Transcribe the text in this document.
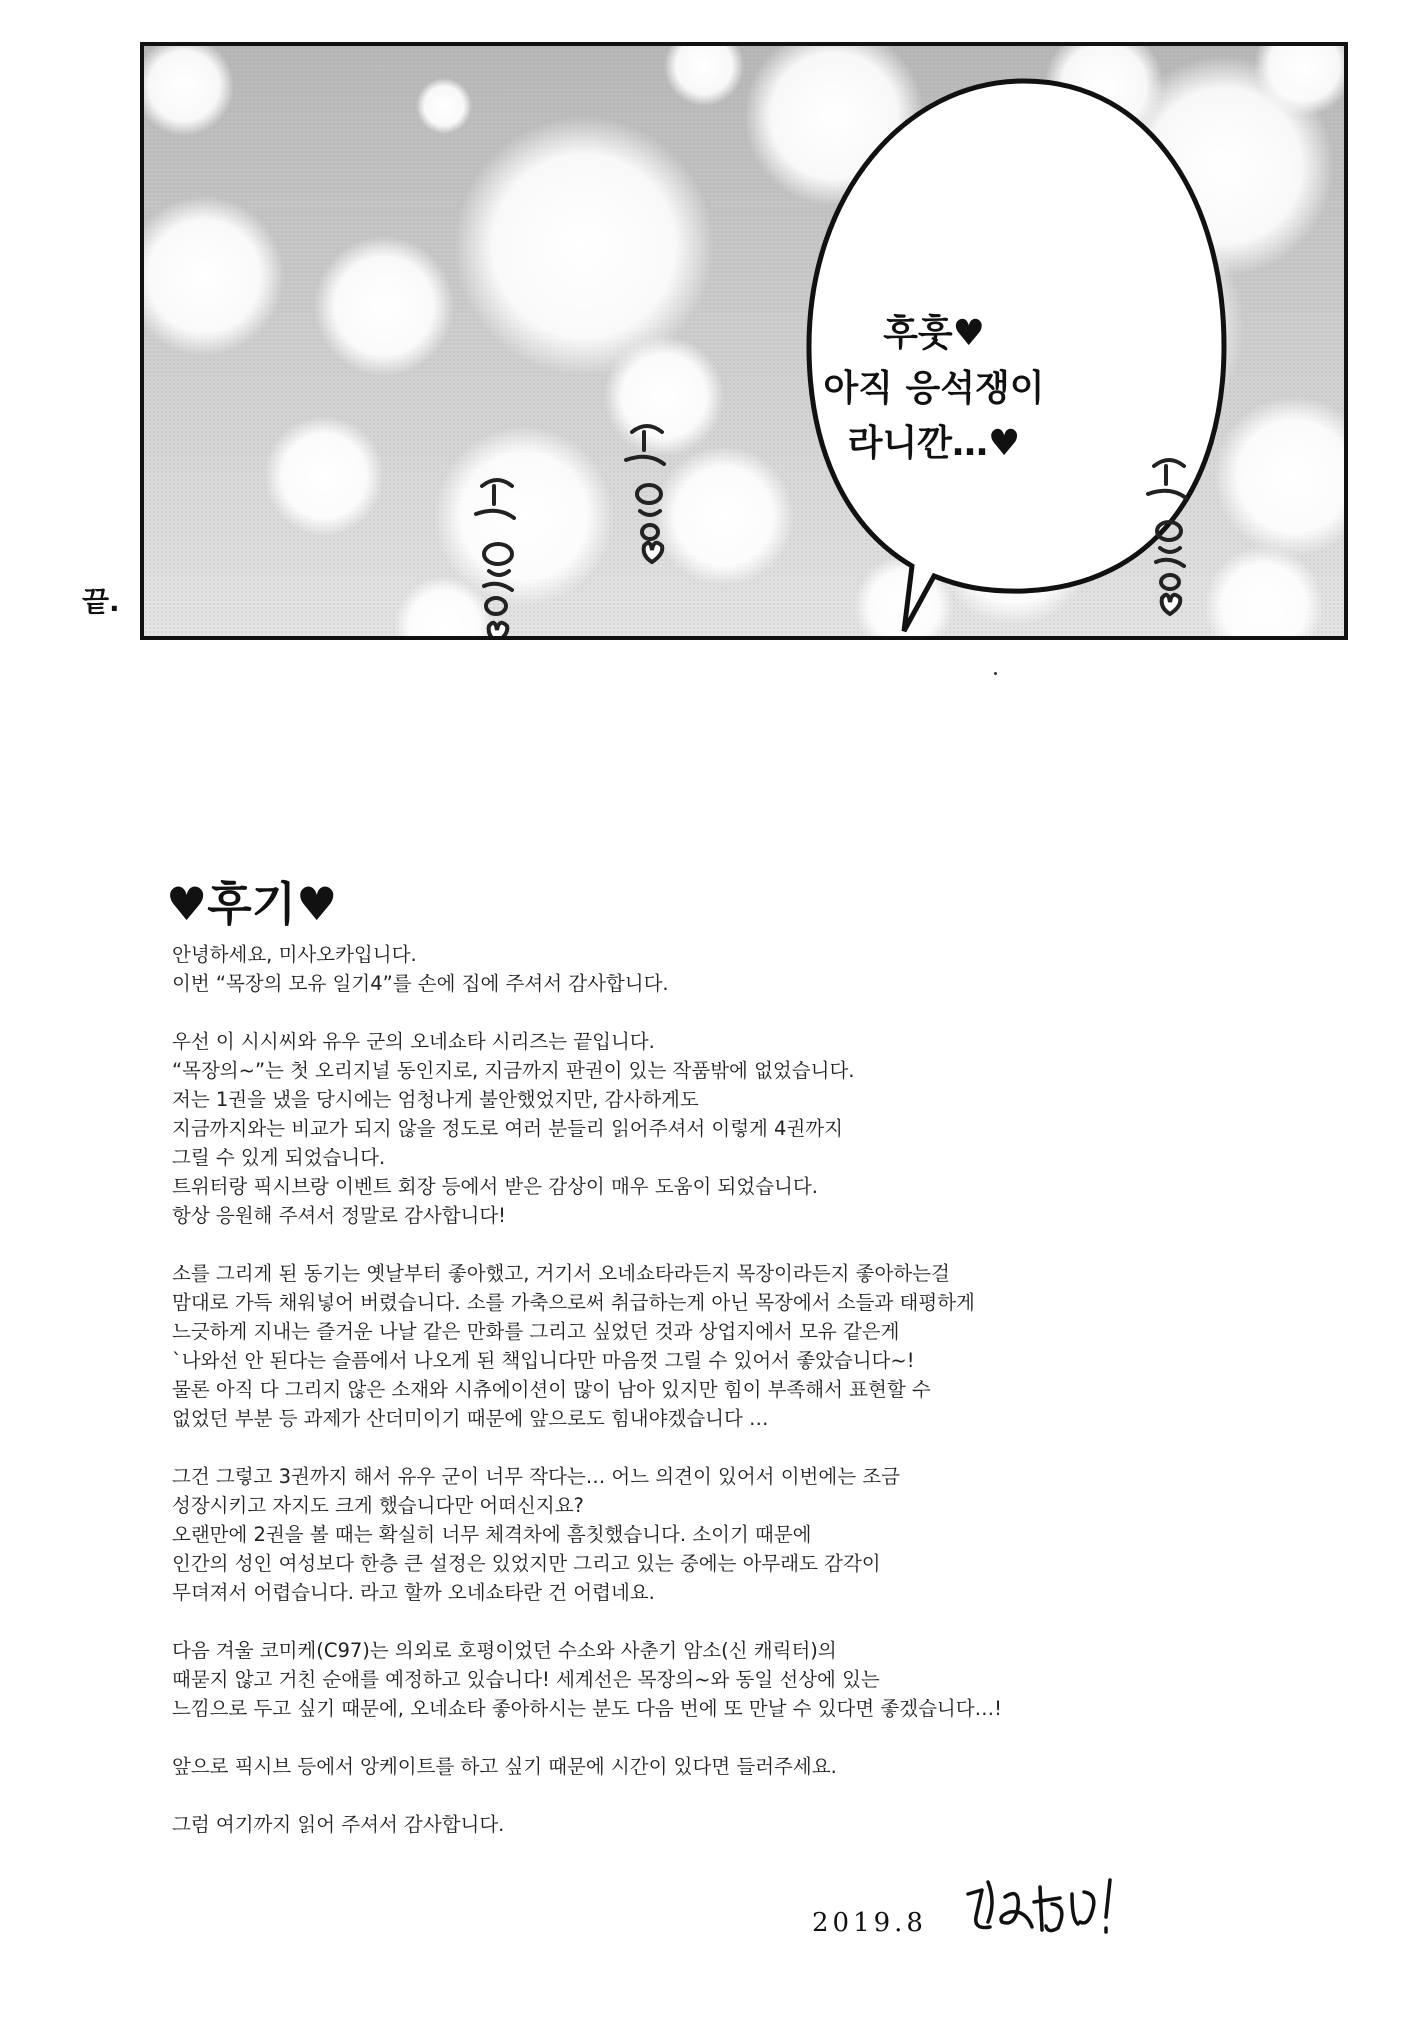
후훗♥
아직 응석쟁이
라니깐…♥
끝.
♥후기♥
안녕하세요, 미사오카입니다.
이번 “목장의 모유 일기4”를 손에 집에 주셔서 감사합니다.
우선 이 시시씨와 유우 군의 오네쇼타 시리즈는 끝입니다.
“목장의~”는 첫 오리지널 동인지로, 지금까지 판권이 있는 작품밖에 없었습니다.
저는 1권을 냈을 당시에는 엄청나게 불안했었지만, 감사하게도
지금까지와는 비교가 되지 않을 정도로 여러 분들리 읽어주셔서 이렇게 4권까지
그릴 수 있게 되었습니다.
트위터랑 픽시브랑 이벤트 회장 등에서 받은 감상이 매우 도움이 되었습니다.
항상 응원해 주셔서 정말로 감사합니다!
소를 그리게 된 동기는 옛날부터 좋아했고, 거기서 오네쇼타라든지 목장이라든지 좋아하는걸
맘대로 가득 채워넣어 버렸습니다. 소를 가축으로써 취급하는게 아닌 목장에서 소들과 태평하게
느긋하게 지내는 즐거운 나날 같은 만화를 그리고 싶었던 것과 상업지에서 모유 같은게
`나와선 안 된다는 슬픔에서 나오게 된 책입니다만 마음껏 그릴 수 있어서 좋았습니다~!
물론 아직 다 그리지 않은 소재와 시츄에이션이 많이 남아 있지만 힘이 부족해서 표현할 수
없었던 부분 등 과제가 산더미이기 때문에 앞으로도 힘내야겠습니다 …
그건 그렇고 3권까지 해서 유우 군이 너무 작다는… 어느 의견이 있어서 이번에는 조금
성장시키고 자지도 크게 했습니다만 어떠신지요?
오랜만에 2권을 볼 때는 확실히 너무 체격차에 흠칫했습니다. 소이기 때문에
인간의 성인 여성보다 한층 큰 설정은 있었지만 그리고 있는 중에는 아무래도 감각이
무뎌져서 어렵습니다. 라고 할까 오네쇼타란 건 어렵네요.
다음 겨울 코미케(C97)는 의외로 호평이었던 수소와 사춘기 암소(신 캐릭터)의
때묻지 않고 거친 순애를 예정하고 있습니다! 세계선은 목장의~와 동일 선상에 있는
느낌으로 두고 싶기 때문에, 오네쇼타 좋아하시는 분도 다음 번에 또 만날 수 있다면 좋겠습니다…!
앞으로 픽시브 등에서 앙케이트를 하고 싶기 때문에 시간이 있다면 들러주세요.
그럼 여기까지 읽어 주셔서 감사합니다.
2019.8
